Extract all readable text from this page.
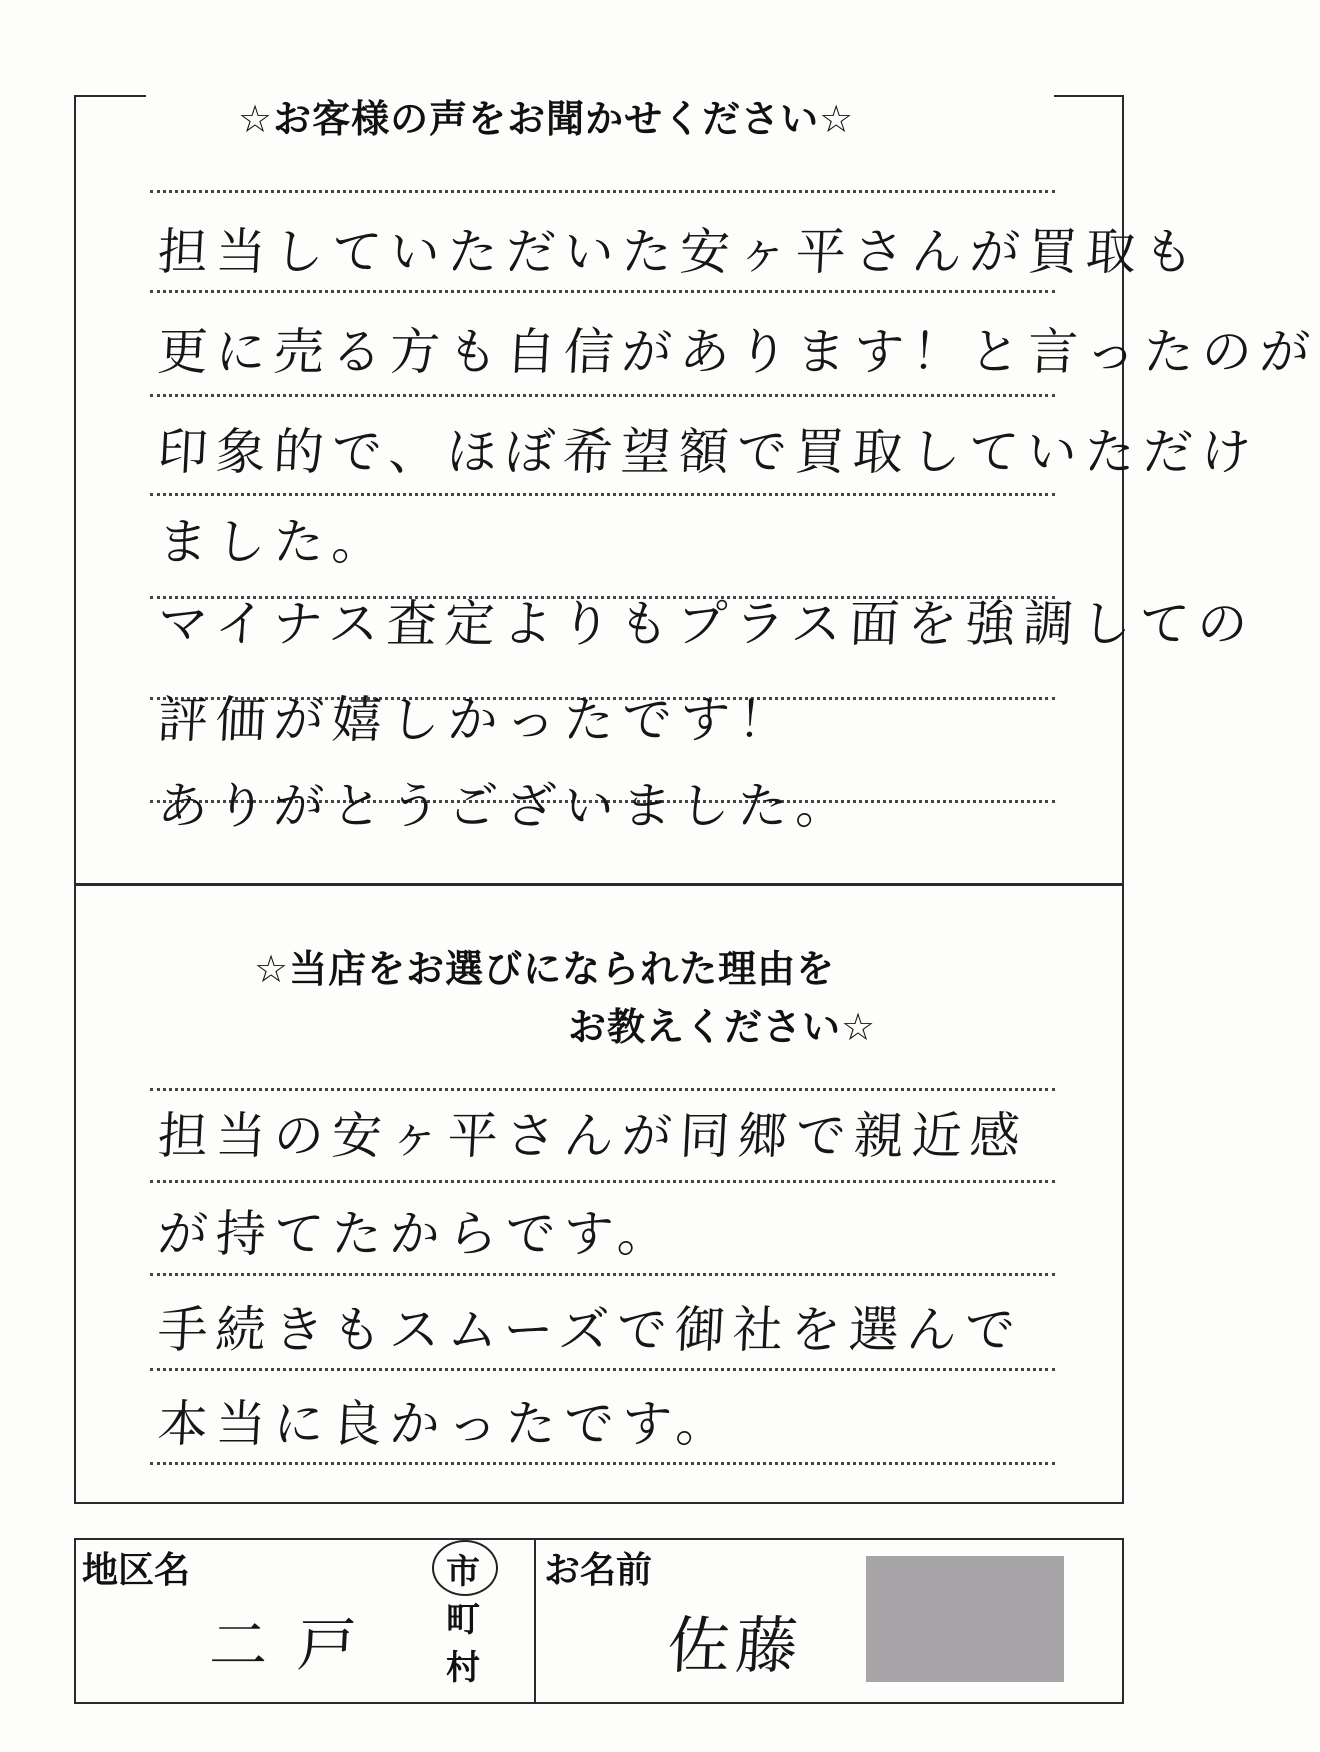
☆お客様の声をお聞かせください☆
担当していただいた安ヶ平さんが買取も
更に売る方も自信があります！と言ったのが
印象的で、ほぼ希望額で買取していただけ
ました。
マイナス査定よりもプラス面を強調しての
評価が嬉しかったです！
ありがとうございました。
☆当店をお選びになられた理由を
お教えください☆
担当の安ヶ平さんが同郷で親近感
が持てたからです。
手続きもスムーズで御社を選んで
本当に良かったです。
地区名
二戸
市
町
村
お名前
佐藤
